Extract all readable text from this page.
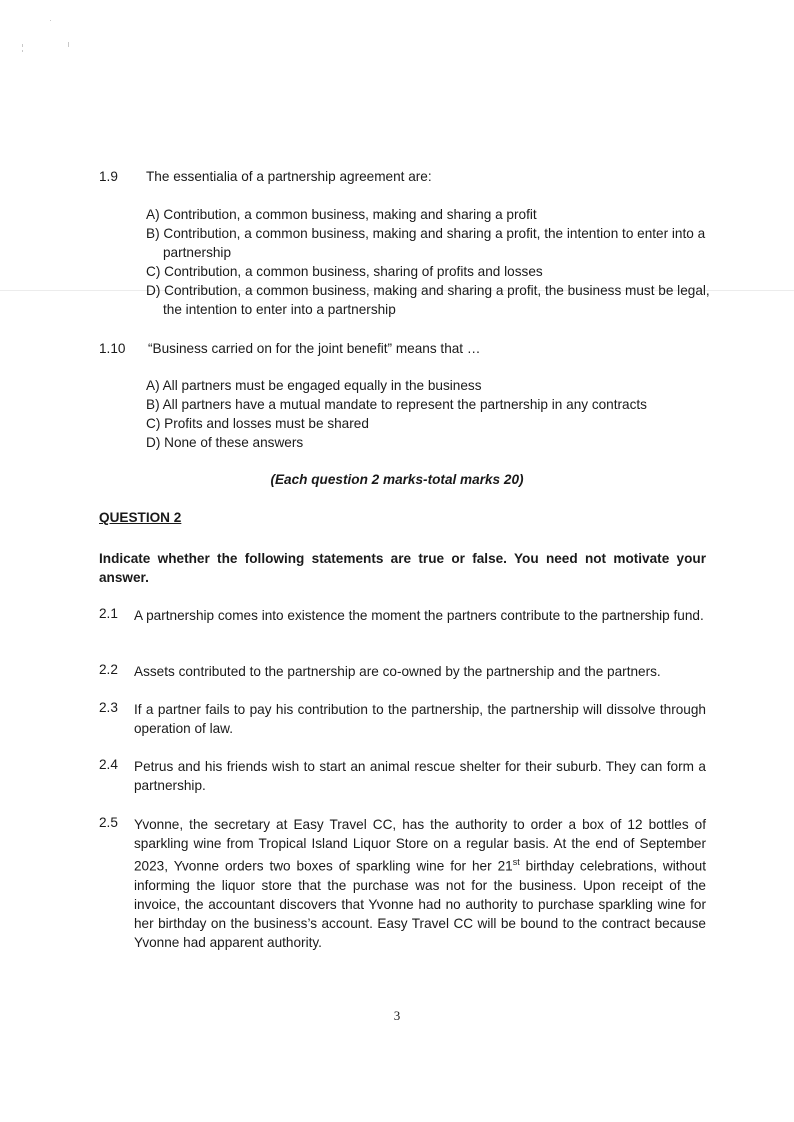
1.9 The essentialia of a partnership agreement are:
A) Contribution, a common business, making and sharing a profit
B) Contribution, a common business, making and sharing a profit, the intention to enter into a partnership
C) Contribution, a common business, sharing of profits and losses
D) Contribution, a common business, making and sharing a profit, the business must be legal, the intention to enter into a partnership
1.10 “Business carried on for the joint benefit” means that …
A) All partners must be engaged equally in the business
B) All partners have a mutual mandate to represent the partnership in any contracts
C) Profits and losses must be shared
D) None of these answers
(Each question 2 marks-total marks 20)
QUESTION 2
Indicate whether the following statements are true or false. You need not motivate your answer.
2.1 A partnership comes into existence the moment the partners contribute to the partnership fund.
2.2 Assets contributed to the partnership are co-owned by the partnership and the partners.
2.3 If a partner fails to pay his contribution to the partnership, the partnership will dissolve through operation of law.
2.4 Petrus and his friends wish to start an animal rescue shelter for their suburb. They can form a partnership.
2.5 Yvonne, the secretary at Easy Travel CC, has the authority to order a box of 12 bottles of sparkling wine from Tropical Island Liquor Store on a regular basis. At the end of September 2023, Yvonne orders two boxes of sparkling wine for her 21st birthday celebrations, without informing the liquor store that the purchase was not for the business. Upon receipt of the invoice, the accountant discovers that Yvonne had no authority to purchase sparkling wine for her birthday on the business’s account. Easy Travel CC will be bound to the contract because Yvonne had apparent authority.
3
